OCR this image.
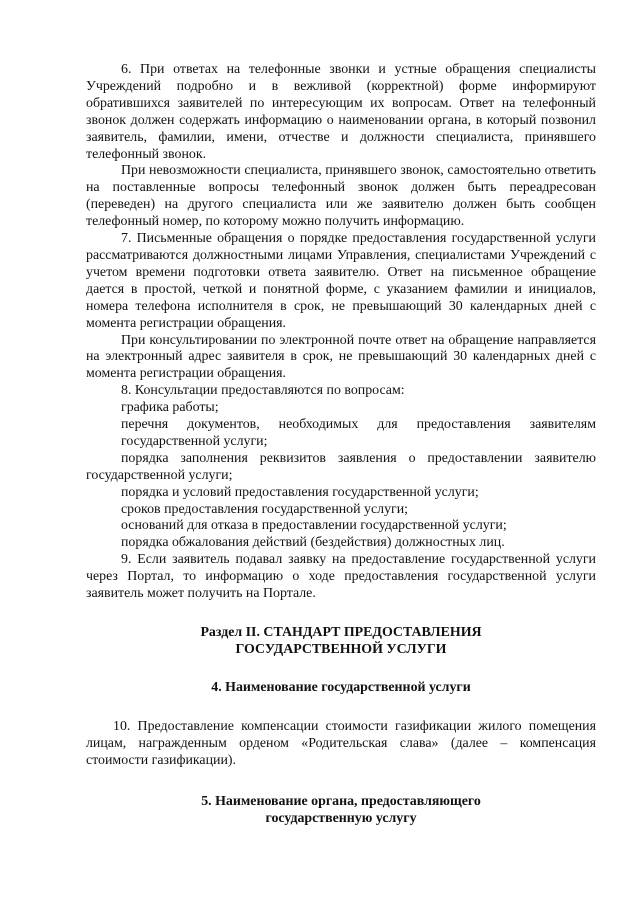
6. При ответах на телефонные звонки и устные обращения специалисты Учреждений подробно и в вежливой (корректной) форме информируют обратившихся заявителей по интересующим их вопросам. Ответ на телефонный звонок должен содержать информацию о наименовании органа, в который позвонил заявитель, фамилии, имени, отчестве и должности специалиста, принявшего телефонный звонок.

При невозможности специалиста, принявшего звонок, самостоятельно ответить на поставленные вопросы телефонный звонок должен быть переадресован (переведен) на другого специалиста или же заявителю должен быть сообщен телефонный номер, по которому можно получить информацию.

7. Письменные обращения о порядке предоставления государственной услуги рассматриваются должностными лицами Управления, специалистами Учреждений с учетом времени подготовки ответа заявителю. Ответ на письменное обращение дается в простой, четкой и понятной форме, с указанием фамилии и инициалов, номера телефона исполнителя в срок, не превышающий 30 календарных дней с момента регистрации обращения.

При консультировании по электронной почте ответ на обращение направляется на электронный адрес заявителя в срок, не превышающий 30 календарных дней с момента регистрации обращения.

8. Консультации предоставляются по вопросам:

графика работы;

перечня документов, необходимых для предоставления заявителям государственной услуги;

порядка заполнения реквизитов заявления о предоставлении заявителю государственной услуги;

порядка и условий предоставления государственной услуги;

сроков предоставления государственной услуги;

оснований для отказа в предоставлении государственной услуги;

порядка обжалования действий (бездействия) должностных лиц.

9. Если заявитель подавал заявку на предоставление государственной услуги через Портал, то информацию о ходе предоставления государственной услуги заявитель может получить на Портале.

Раздел II. СТАНДАРТ ПРЕДОСТАВЛЕНИЯ
ГОСУДАРСТВЕННОЙ УСЛУГИ
4. Наименование государственной услуги

10. Предоставление компенсации стоимости газификации жилого помещения лицам, награжденным орденом «Родительская слава» (далее – компенсация стоимости газификации).

5. Наименование органа, предоставляющего
государственную услугу
